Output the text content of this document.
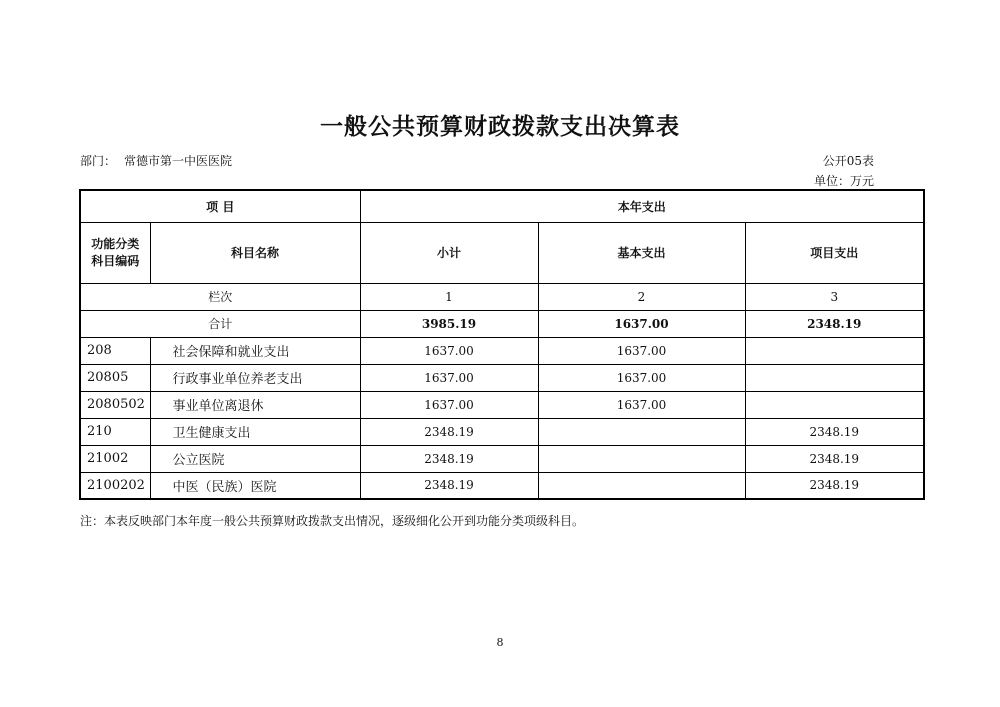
一般公共预算财政拨款支出决算表
部门： 常德市第一中医医院	公开05表
单位：万元
项 目		本年支出		

功能分类
科目编码	科目名称	小计	基本支出	项目支出
栏次		1	2	3
合计		3985.19	1637.00	2348.19
208	社会保障和就业支出	1637.00	1637.00	
20805	行政事业单位养老支出	1637.00	1637.00	
2080502	事业单位离退休	1637.00	1637.00	
210	卫生健康支出	2348.19		2348.19
21002	公立医院	2348.19		2348.19
2100202	中医（民族）医院	2348.19		2348.19
注：本表反映部门本年度一般公共预算财政拨款支出情况，逐级细化公开到功能分类项级科目。
8
